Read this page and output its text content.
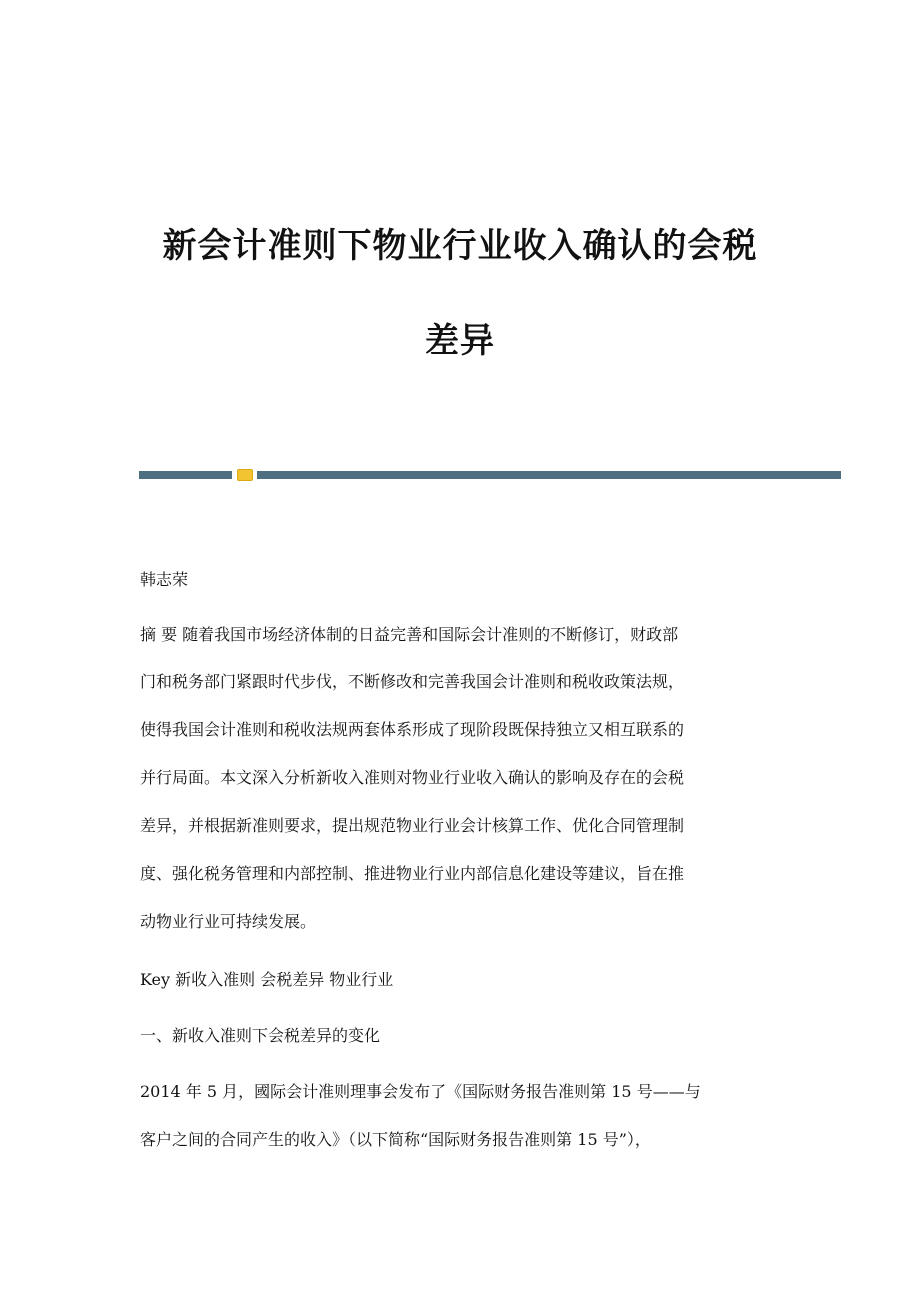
新会计准则下物业行业收入确认的会税
差异
韩志荣
摘 要 随着我国市场经济体制的日益完善和国际会计准则的不断修订，财政部
门和税务部门紧跟时代步伐，不断修改和完善我国会计准则和税收政策法规，
使得我国会计准则和税收法规两套体系形成了现阶段既保持独立又相互联系的
并行局面。本文深入分析新收入准则对物业行业收入确认的影响及存在的会税
差异，并根据新准则要求，提出规范物业行业会计核算工作、优化合同管理制
度、强化税务管理和内部控制、推进物业行业内部信息化建设等建议，旨在推
动物业行业可持续发展。
Key 新收入准则 会税差异 物业行业
一、新收入准则下会税差异的变化
2014 年 5 月，國际会计准则理事会发布了《国际财务报告准则第 15 号——与
客户之间的合同产生的收入》（以下简称“国际财务报告准则第 15 号”），
